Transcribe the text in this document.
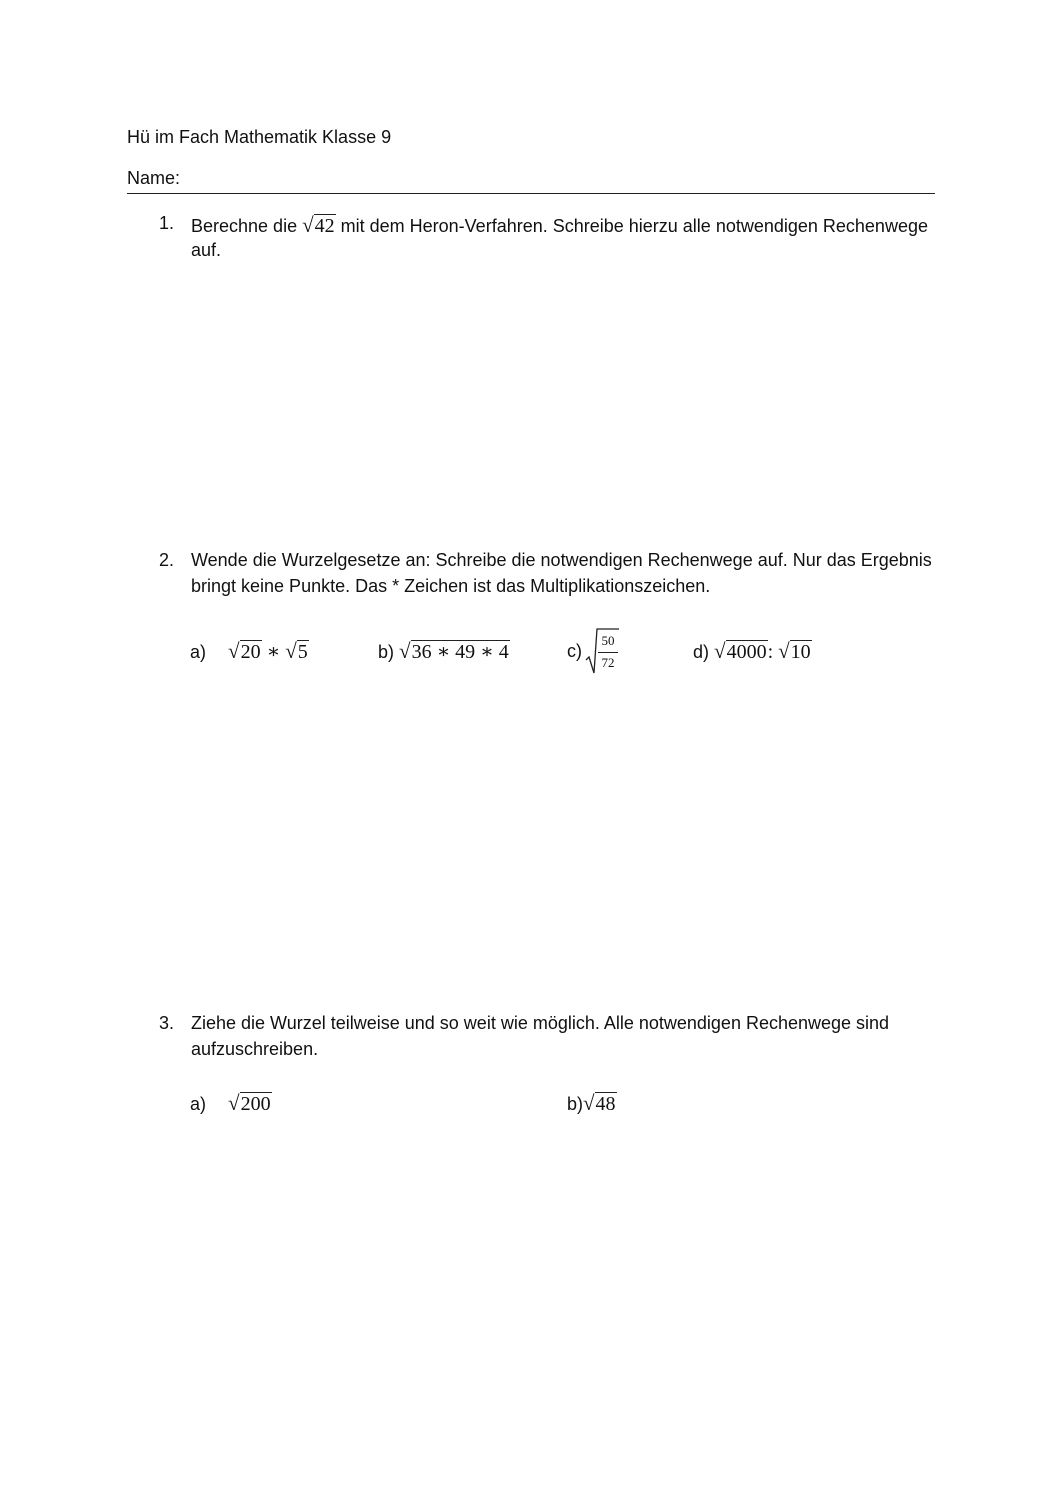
Hü im Fach Mathematik Klasse 9
Name:
1. Berechne die √42 mit dem Heron-Verfahren. Schreibe hierzu alle notwendigen Rechenwege
auf.
2. Wende die Wurzelgesetze an: Schreibe die notwendigen Rechenwege auf. Nur das Ergebnis
bringt keine Punkte. Das * Zeichen ist das Multiplikationszeichen.
a) √20 ∗ √5	b) √36 ∗ 49 ∗ 4	c)
50
72
d) √4000: √10
3. Ziehe die Wurzel teilweise und so weit wie möglich. Alle notwendigen Rechenwege sind
aufzuschreiben.
a) √200	b)√48
